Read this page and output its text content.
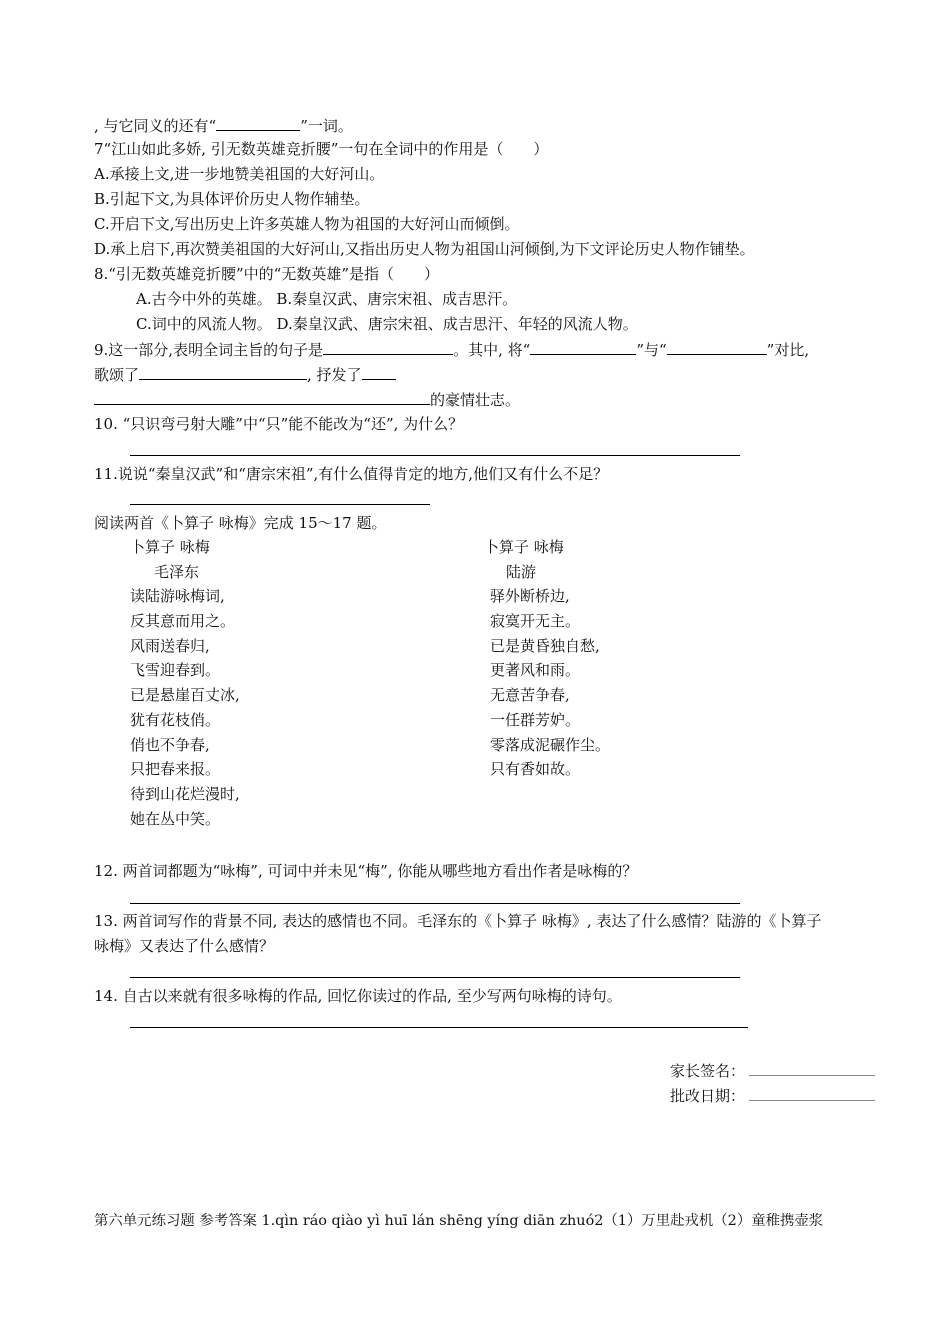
, 与它同义的还有“	”一词。
7“江山如此多娇, 引无数英雄竞折腰”一句在全词中的作用是（　　）
A.承接上文,进一步地赞美祖国的大好河山。
B.引起下文,为具体评价历史人物作辅垫。
C.开启下文,写出历史上许多英雄人物为祖国的大好河山而倾倒。
D.承上启下,再次赞美祖国的大好河山,又指出历史人物为祖国山河倾倒,为下文评论历史人物作铺垫。
8.“引无数英雄竞折腰”中的“无数英雄”是指（　　）
A.古今中外的英雄。 B.秦皇汉武、唐宗宋祖、成吉思汗。
C.词中的风流人物。 D.秦皇汉武、唐宗宋祖、成吉思汗、年轻的风流人物。
9.这一部分,表明全词主旨的句子是	。其中, 将“	”与“	”对比,
歌颂了	, 抒发了
的豪情壮志。
10. “只识弯弓射大雕”中“只”能不能改为“还”, 为什么？
11.说说“秦皇汉武”和“唐宗宋祖”,有什么值得肯定的地方,他们又有什么不足？
阅读两首《卜算子 咏梅》完成 15～17 题。
卜算子 咏梅
毛泽东
读陆游咏梅词,
反其意而用之。
风雨送春归,
飞雪迎春到。
已是悬崖百丈冰,
犹有花枝俏。
俏也不争春,
只把春来报。
待到山花烂漫时,
她在丛中笑。
卜算子 咏梅
陆游
驿外断桥边,
寂寞开无主。
已是黄昏独自愁,
更著风和雨。
无意苦争春,
一任群芳妒。
零落成泥碾作尘。
只有香如故。
12. 两首词都题为“咏梅”, 可词中并未见“梅”, 你能从哪些地方看出作者是咏梅的？
13. 两首词写作的背景不同, 表达的感情也不同。毛泽东的《卜算子 咏梅》, 表达了什么感情？陆游的《卜算子
咏梅》又表达了什么感情？
14. 自古以来就有很多咏梅的作品, 回忆你读过的作品, 至少写两句咏梅的诗句。
家长签名：
批改日期：
第六单元练习题 参考答案 1.qìn ráo qiào yì huī lán shēng yíng diān zhuó2（1）万里赴戎机（2）童稚携壶浆
